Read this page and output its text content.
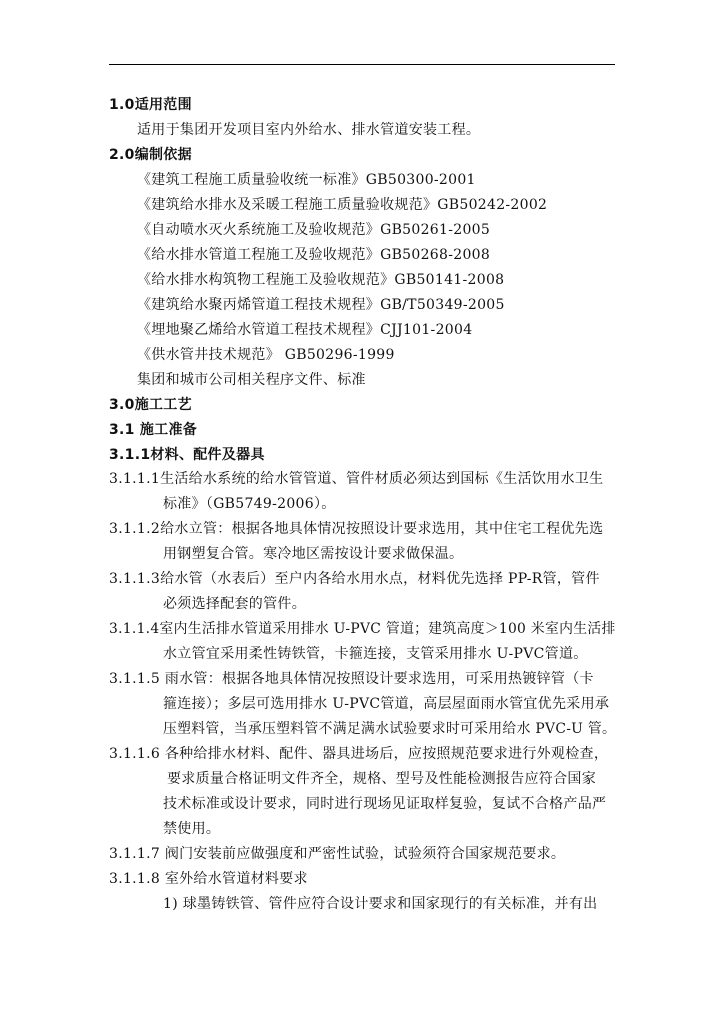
1.0适用范围
适用于集团开发项目室内外给水、排水管道安装工程。
2.0编制依据
《建筑工程施工质量验收统一标准》GB50300-2001
《建筑给水排水及采暖工程施工质量验收规范》GB50242-2002
《自动喷水灭火系统施工及验收规范》GB50261-2005
《给水排水管道工程施工及验收规范》GB50268-2008
《给水排水构筑物工程施工及验收规范》GB50141-2008
《建筑给水聚丙烯管道工程技术规程》GB/T50349-2005
《埋地聚乙烯给水管道工程技术规程》CJJ101-2004
《供水管井技术规范》 GB50296-1999
集团和城市公司相关程序文件、标准
3.0施工工艺
3.1 施工准备
3.1.1材料、配件及器具
3.1.1.1生活给水系统的给水管管道、管件材质必须达到国标《生活饮用水卫生
标准》（GB5749-2006）。
3.1.1.2给水立管：根据各地具体情况按照设计要求选用，其中住宅工程优先选
用钢塑复合管。寒冷地区需按设计要求做保温。
3.1.1.3给水管（水表后）至户内各给水用水点，材料优先选择 PP-R管，管件
必须选择配套的管件。
3.1.1.4室内生活排水管道采用排水 U-PVC 管道；建筑高度＞100 米室内生活排
水立管宜采用柔性铸铁管，卡箍连接，支管采用排水 U-PVC管道。
3.1.1.5 雨水管：根据各地具体情况按照设计要求选用，可采用热镀锌管（卡
箍连接）；多层可选用排水 U-PVC管道，高层屋面雨水管宜优先采用承
压塑料管，当承压塑料管不满足满水试验要求时可采用给水 PVC-U 管。
3.1.1.6 各种给排水材料、配件、器具进场后，应按照规范要求进行外观检查，
要求质量合格证明文件齐全，规格、型号及性能检测报告应符合国家
技术标准或设计要求，同时进行现场见证取样复验，复试不合格产品严
禁使用。
3.1.1.7 阀门安装前应做强度和严密性试验，试验须符合国家规范要求。
3.1.1.8 室外给水管道材料要求
1) 球墨铸铁管、管件应符合设计要求和国家现行的有关标准，并有出
